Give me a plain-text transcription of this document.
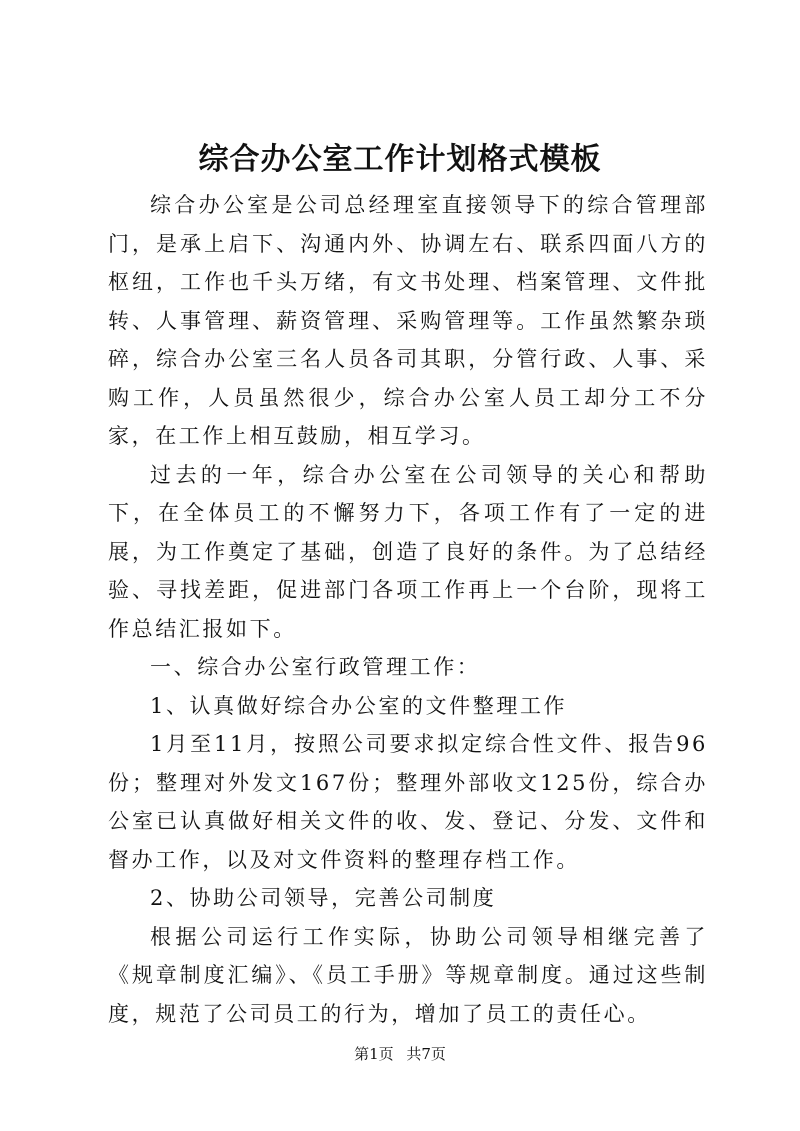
综合办公室工作计划格式模板

综合办公室是公司总经理室直接领导下的综合管理部门，是承上启下、沟通内外、协调左右、联系四面八方的枢纽，工作也千头万绪，有文书处理、档案管理、文件批转、人事管理、薪资管理、采购管理等。工作虽然繁杂琐碎，综合办公室三名人员各司其职，分管行政、人事、采购工作，人员虽然很少，综合办公室人员工却分工不分家，在工作上相互鼓励，相互学习。

过去的一年，综合办公室在公司领导的关心和帮助下，在全体员工的不懈努力下，各项工作有了一定的进展，为工作奠定了基础，创造了良好的条件。为了总结经验、寻找差距，促进部门各项工作再上一个台阶，现将工作总结汇报如下。

一、综合办公室行政管理工作：

1、认真做好综合办公室的文件整理工作

1月至11月，按照公司要求拟定综合性文件、报告96份；整理对外发文167份；整理外部收文125份，综合办公室已认真做好相关文件的收、发、登记、分发、文件和督办工作，以及对文件资料的整理存档工作。

2、协助公司领导，完善公司制度

根据公司运行工作实际，协助公司领导相继完善了《规章制度汇编》、《员工手册》等规章制度。通过这些制度，规范了公司员工的行为，增加了员工的责任心。

第1页 共7页
